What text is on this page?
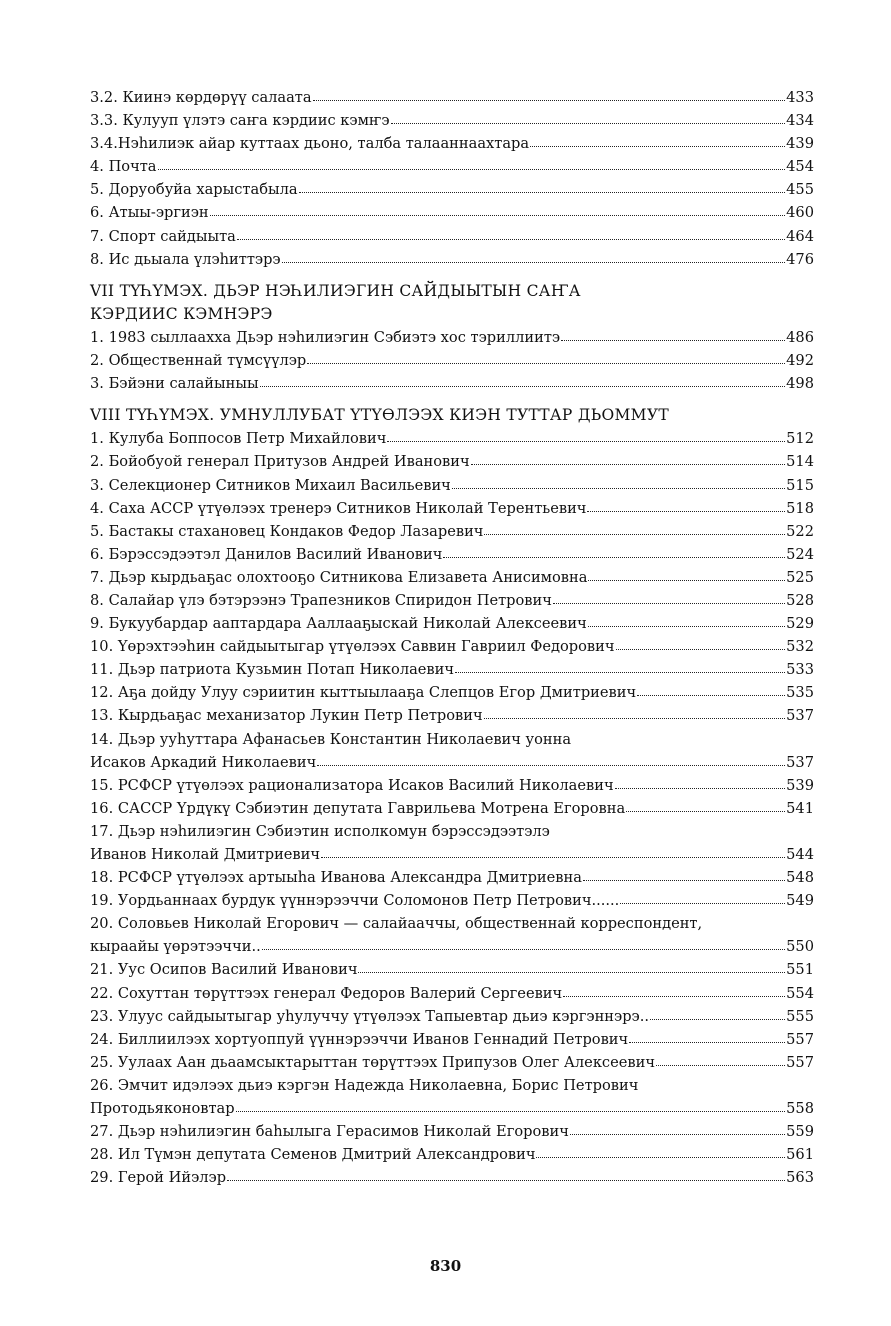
3.2. Киинэ көрдөрүү салаата	433
3.3. Кулууп үлэтэ саҥа кэрдиис кэмҥэ	434
3.4.Нэһилиэк айар куттаах дьоно, талба талааннаахтара	439
4. Почта	454
5. Доруобуйа харыстабыла	455
6. Атыы-эргиэн	460
7. Спорт сайдыыта	464
8. Ис дьыала үлэһиттэрэ	476
VII ТҮҺҮМЭХ. ДЬЭР НЭҺИЛИЭГИН САЙДЫЫТЫН САҤА
КЭРДИИС КЭМНЭРЭ
1. 1983 сыллаахха Дьэр нэһилиэгин Сэбиэтэ хос тэриллиитэ	486
2. Общественнай түмсүүлэр	492
3. Бэйэни салайыныы	498
VIII ТҮҺҮМЭХ. УМНУЛЛУБАТ ҮТҮӨЛЭЭХ КИЭН ТУТТАР ДЬОММУТ
1. Кулуба Боппосов Петр Михайлович	512
2. Бойобуой генерал Притузов Андрей Иванович	514
3. Селекционер Ситников Михаил Васильевич	515
4. Саха АССР үтүөлээх тренерэ Ситников Николай Терентьевич	518
5. Бастакы стахановец Кондаков Федор Лазаревич	522
6. Бэрэссэдээтэл Данилов Василий Иванович	524
7. Дьэр кырдьаҕас олохтооҕо Ситникова Елизавета Анисимовна	525
8. Салайар үлэ бэтэрээнэ Трапезников Спиридон Петрович	528
9. Букуубардар аaптардара Ааллааҕыскай Николай Алексеевич	529
10. Үөрэхтээһин сайдыытыгар үтүөлээх Саввин Гавриил Федорович	532
11. Дьэр патриота Кузьмин Потап Николаевич	533
12. Аҕа дойду Улуу сэриитин кыттыылааҕа Слепцов Егор Дмитриевич	535
13. Кырдьаҕас механизатор Лукин Петр Петрович	537
14. Дьэр ууһуттара Афанасьев Константин Николаевич уонна
Исаков Аркадий Николаевич	537
15. РСФСР үтүөлээх рационализатора Исаков Василий Николаевич	539
16. САССР Үрдүкү Сэбиэтин депутата Гаврильева Мотрена Егоровна	541
17. Дьэр нэһилиэгин Сэбиэтин исполкомун бэрэссэдээтэлэ
Иванов Николай Дмитриевич	544
18. РСФСР үтүөлээх артыыһа Иванова Александра Дмитриевна	548
19. Уордьаннаах бурдук үүннэрээччи Соломонов Петр Петрович......	549
20. Соловьев Николай Егорович — салайааччы, общественнай корреспондент,
кыраайы үөрэтээччи..	550
21. Уус Осипов Василий Иванович	551
22. Сохуттан төрүттээх генерал Федоров Валерий Сергеевич	554
23. Улуус сайдыытыгар уһулуччу үтүөлээх Тапыевтар дьиэ кэргэннэрэ..	555
24. Биллиилээх хортуоппуй үүннэрээччи Иванов Геннадий Петрович	557
25. Уулаах Аан дьаамсыктарыттан төрүттээх Припузов Олег Алексеевич	557
26. Эмчит идэлээх дьиэ кэргэн Надежда Николаевна, Борис Петрович
Протодьяконовтар	558
27. Дьэр нэһилиэгин баһылыга Герасимов Николай Егорович	559
28. Ил Түмэн депутата Семенов Дмитрий Александрович	561
29. Герой Ийэлэр	563
830
